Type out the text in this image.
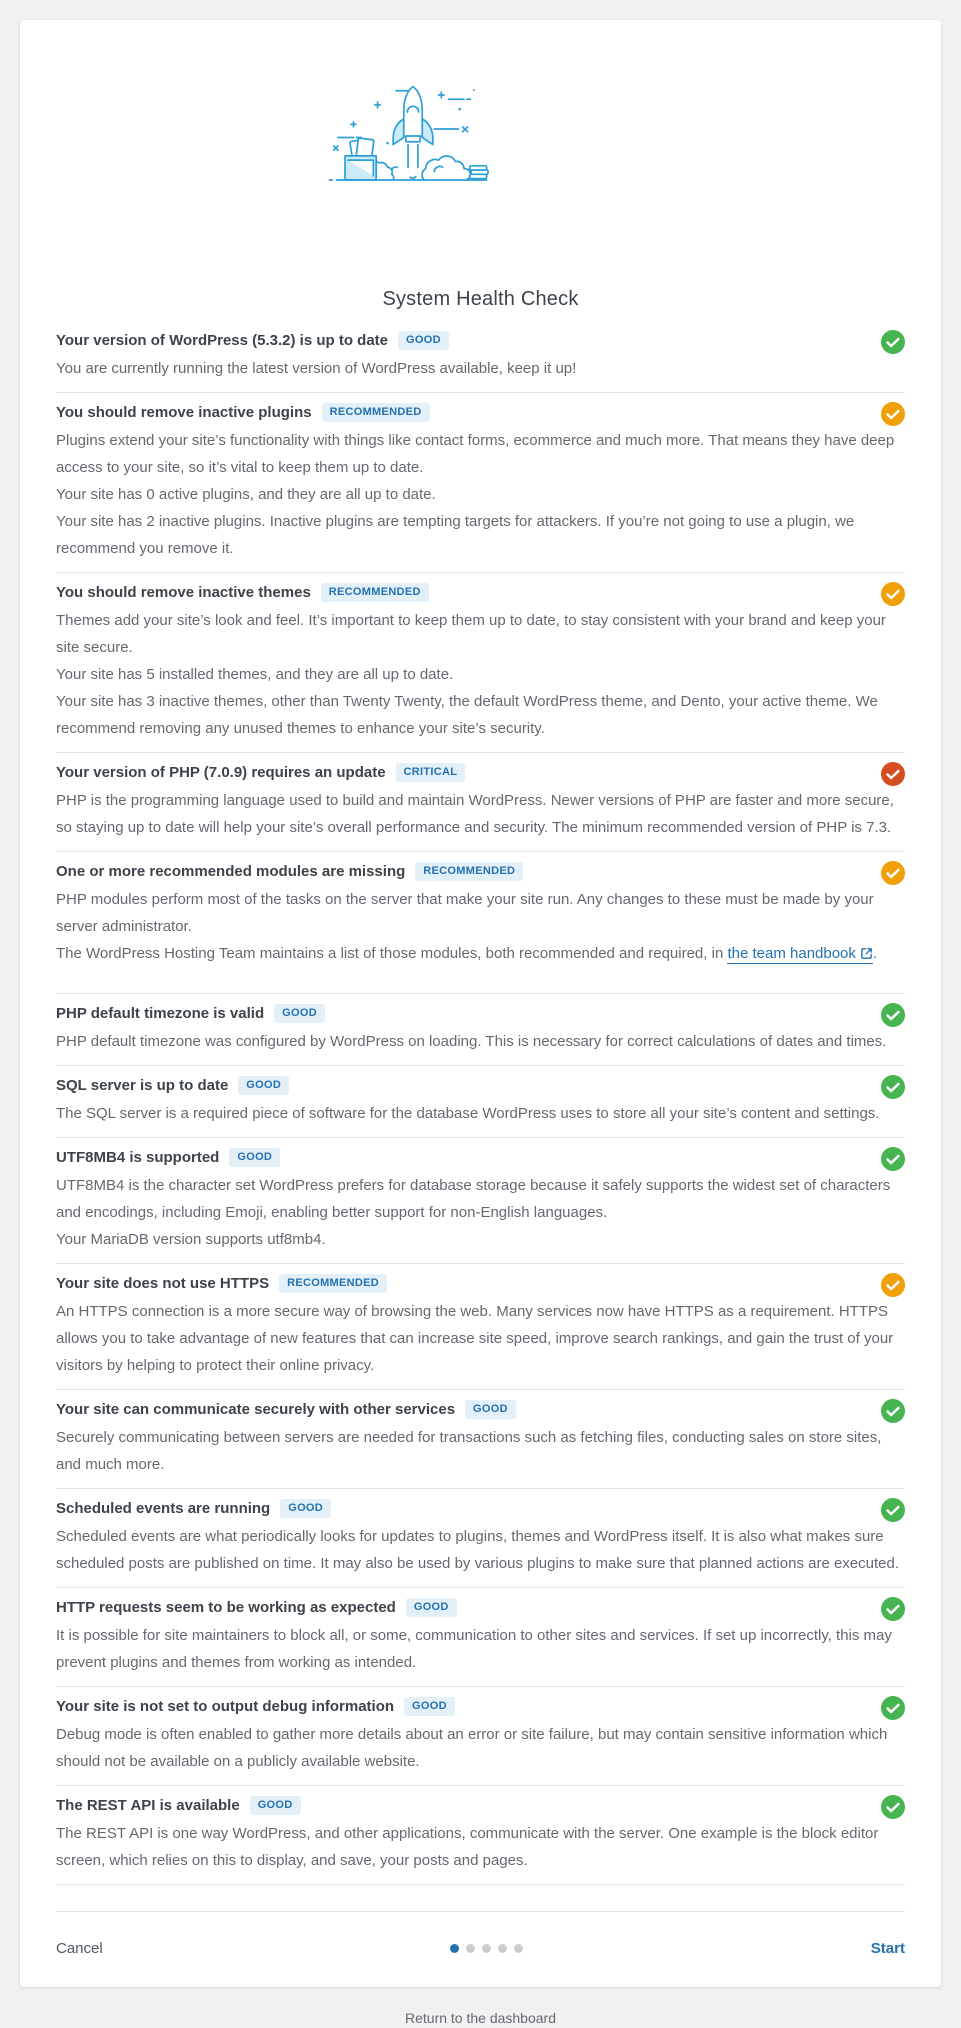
System Health Check
Your version of WordPress (5.3.2) is up to date	GOOD

You are currently running the latest version of WordPress available, keep it up!

You should remove inactive plugins	RECOMMENDED

Plugins extend your site’s functionality with things like contact forms, ecommerce and much more. That means they have deep access to your site, so it’s vital to keep them up to date.

Your site has 0 active plugins, and they are all up to date.

Your site has 2 inactive plugins. Inactive plugins are tempting targets for attackers. If you’re not going to use a plugin, we recommend you remove it.

You should remove inactive themes	RECOMMENDED

Themes add your site’s look and feel. It’s important to keep them up to date, to stay consistent with your brand and keep your site secure.

Your site has 5 installed themes, and they are all up to date.

Your site has 3 inactive themes, other than Twenty Twenty, the default WordPress theme, and Dento, your active theme. We recommend removing any unused themes to enhance your site’s security.

Your version of PHP (7.0.9) requires an update	CRITICAL

PHP is the programming language used to build and maintain WordPress. Newer versions of PHP are faster and more secure, so staying up to date will help your site’s overall performance and security. The minimum recommended version of PHP is 7.3.

One or more recommended modules are missing	RECOMMENDED

PHP modules perform most of the tasks on the server that make your site run. Any changes to these must be made by your server administrator.

The WordPress Hosting Team maintains a list of those modules, both recommended and required, in the team handbook .

PHP default timezone is valid	GOOD

PHP default timezone was configured by WordPress on loading. This is necessary for correct calculations of dates and times.

SQL server is up to date	GOOD

The SQL server is a required piece of software for the database WordPress uses to store all your site’s content and settings.

UTF8MB4 is supported	GOOD

UTF8MB4 is the character set WordPress prefers for database storage because it safely supports the widest set of characters and encodings, including Emoji, enabling better support for non-English languages.

Your MariaDB version supports utf8mb4.

Your site does not use HTTPS	RECOMMENDED

An HTTPS connection is a more secure way of browsing the web. Many services now have HTTPS as a requirement. HTTPS allows you to take advantage of new features that can increase site speed, improve search rankings, and gain the trust of your visitors by helping to protect their online privacy.

Your site can communicate securely with other services	GOOD

Securely communicating between servers are needed for transactions such as fetching files, conducting sales on store sites, and much more.

Scheduled events are running	GOOD

Scheduled events are what periodically looks for updates to plugins, themes and WordPress itself. It is also what makes sure scheduled posts are published on time. It may also be used by various plugins to make sure that planned actions are executed.

HTTP requests seem to be working as expected	GOOD

It is possible for site maintainers to block all, or some, communication to other sites and services. If set up incorrectly, this may prevent plugins and themes from working as intended.

Your site is not set to output debug information	GOOD

Debug mode is often enabled to gather more details about an error or site failure, but may contain sensitive information which should not be available on a publicly available website.

The REST API is available	GOOD

The REST API is one way WordPress, and other applications, communicate with the server. One example is the block editor screen, which relies on this to display, and save, your posts and pages.

Cancel	Start
Return to the dashboard
